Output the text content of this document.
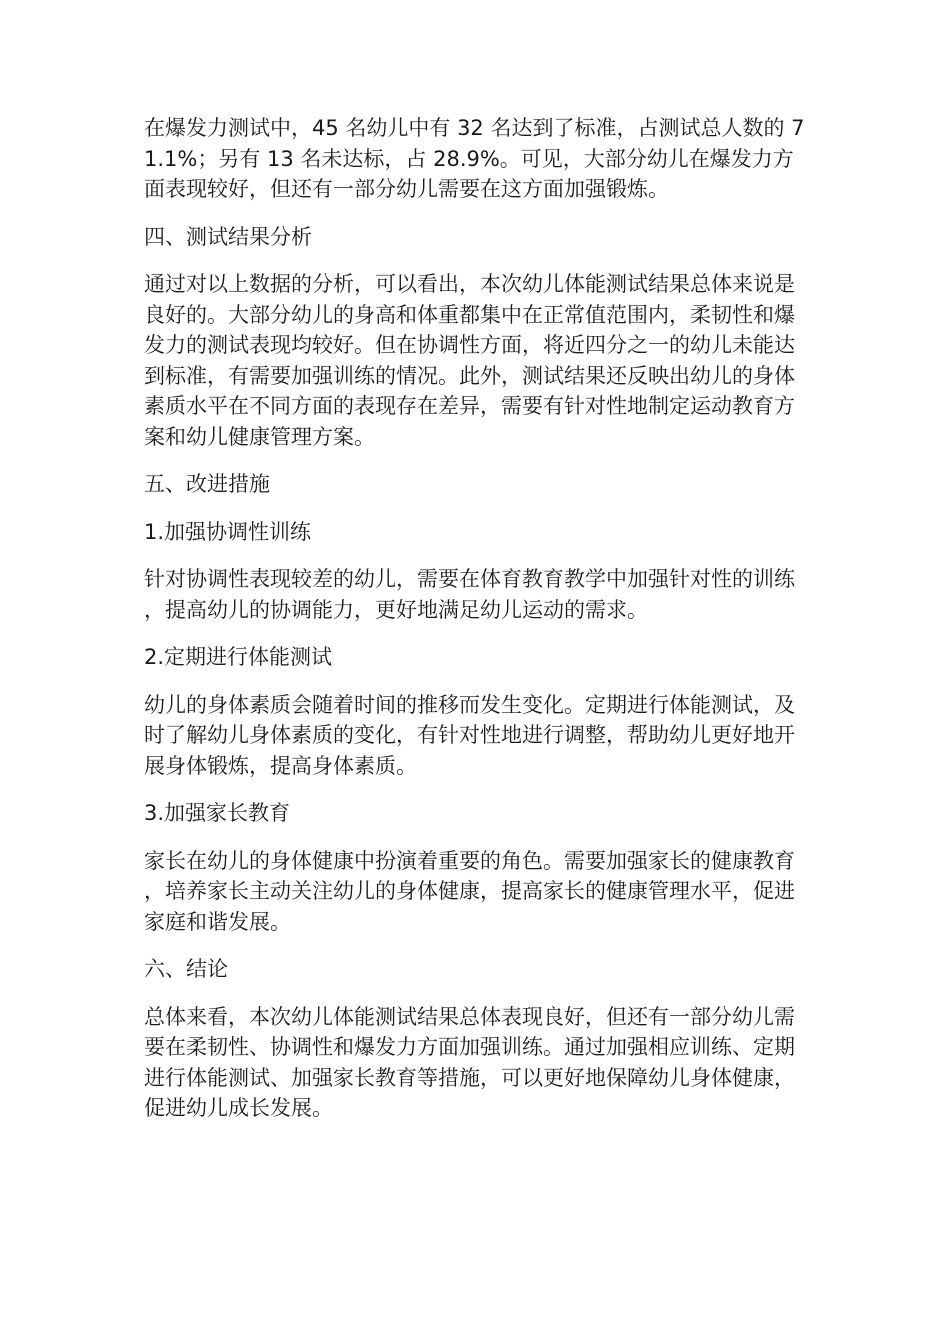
在爆发力测试中，45 名幼儿中有 32 名达到了标准，占测试总人数的 71.1%；另有 13 名未达标，占 28.9%。可见，大部分幼儿在爆发力方面表现较好，但还有一部分幼儿需要在这方面加强锻炼。

四、测试结果分析

通过对以上数据的分析，可以看出，本次幼儿体能测试结果总体来说是良好的。大部分幼儿的身高和体重都集中在正常值范围内，柔韧性和爆发力的测试表现均较好。但在协调性方面，将近四分之一的幼儿未能达到标准，有需要加强训练的情况。此外，测试结果还反映出幼儿的身体素质水平在不同方面的表现存在差异，需要有针对性地制定运动教育方案和幼儿健康管理方案。

五、改进措施

1.加强协调性训练

针对协调性表现较差的幼儿，需要在体育教育教学中加强针对性的训练，提高幼儿的协调能力，更好地满足幼儿运动的需求。

2.定期进行体能测试

幼儿的身体素质会随着时间的推移而发生变化。定期进行体能测试，及时了解幼儿身体素质的变化，有针对性地进行调整，帮助幼儿更好地开展身体锻炼，提高身体素质。

3.加强家长教育

家长在幼儿的身体健康中扮演着重要的角色。需要加强家长的健康教育，培养家长主动关注幼儿的身体健康，提高家长的健康管理水平，促进家庭和谐发展。

六、结论

总体来看，本次幼儿体能测试结果总体表现良好，但还有一部分幼儿需要在柔韧性、协调性和爆发力方面加强训练。通过加强相应训练、定期进行体能测试、加强家长教育等措施，可以更好地保障幼儿身体健康，促进幼儿成长发展。
